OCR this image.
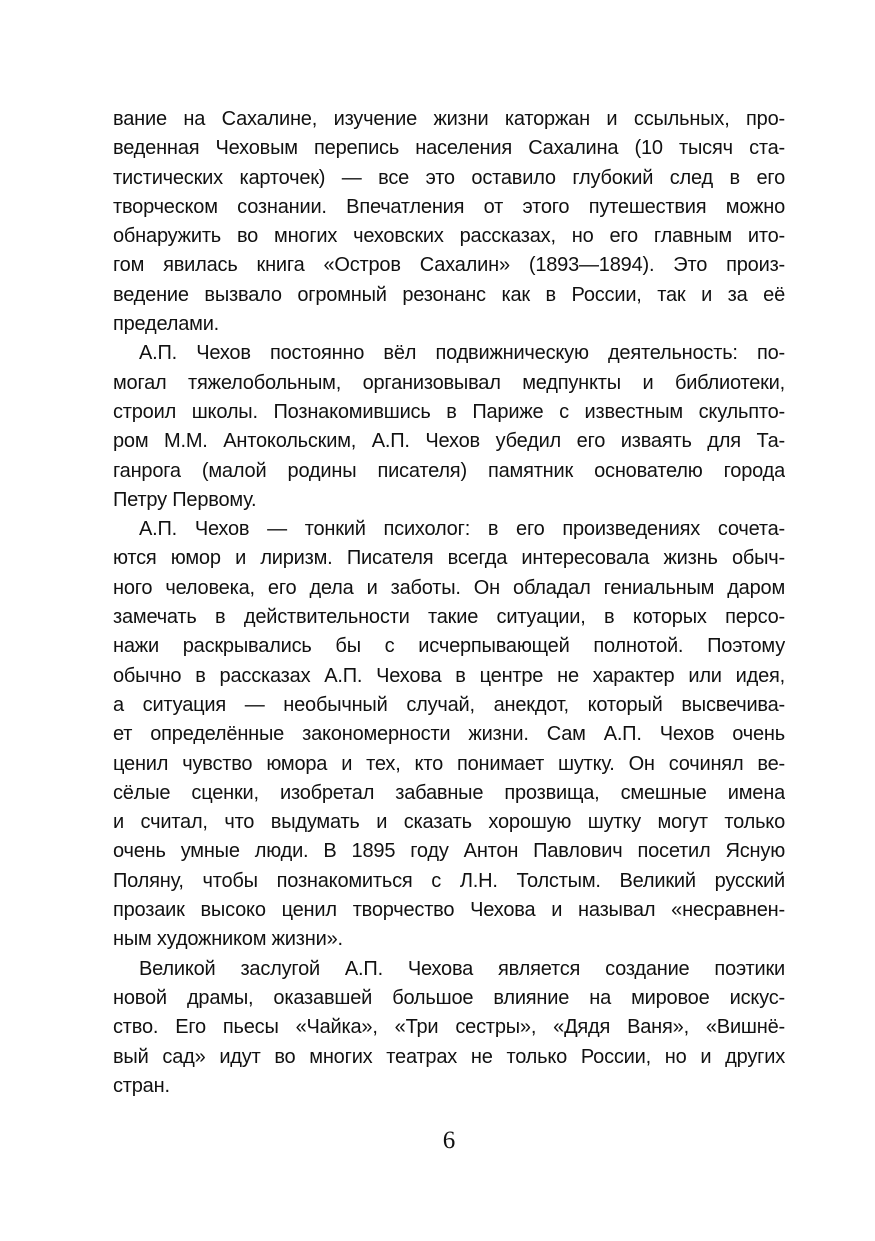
вание на Сахалине, изучение жизни каторжан и ссыльных, про-
веденная Чеховым перепись населения Сахалина (10 тысяч ста-
тистических карточек) — все это оставило глубокий след в его
творческом сознании. Впечатления от этого путешествия можно
обнаружить во многих чеховских рассказах, но его главным ито-
гом явилась книга «Остров Сахалин» (1893—1894). Это произ-
ведение вызвало огромный резонанс как в России, так и за её
пределами.
А.П. Чехов постоянно вёл подвижническую деятельность: по-
могал тяжелобольным, организовывал медпункты и библиотеки,
строил школы. Познакомившись в Париже с известным скульпто-
ром М.М. Антокольским, А.П. Чехов убедил его изваять для Та-
ганрога (малой родины писателя) памятник основателю города
Петру Первому.
А.П. Чехов — тонкий психолог: в его произведениях сочета-
ются юмор и лиризм. Писателя всегда интересовала жизнь обыч-
ного человека, его дела и заботы. Он обладал гениальным даром
замечать в действительности такие ситуации, в которых персо-
нажи раскрывались бы с исчерпывающей полнотой. Поэтому
обычно в рассказах А.П. Чехова в центре не характер или идея,
а ситуация — необычный случай, анекдот, который высвечива-
ет определённые закономерности жизни. Сам А.П. Чехов очень
ценил чувство юмора и тех, кто понимает шутку. Он сочинял ве-
сёлые сценки, изобретал забавные прозвища, смешные имена
и считал, что выдумать и сказать хорошую шутку могут только
очень умные люди. В 1895 году Антон Павлович посетил Ясную
Поляну, чтобы познакомиться с Л.Н. Толстым. Великий русский
прозаик высоко ценил творчество Чехова и называл «несравнен-
ным художником жизни».
Великой заслугой А.П. Чехова является создание поэтики
новой драмы, оказавшей большое влияние на мировое искус-
ство. Его пьесы «Чайка», «Три сестры», «Дядя Ваня», «Вишнё-
вый сад» идут во многих театрах не только России, но и других
стран.
6
